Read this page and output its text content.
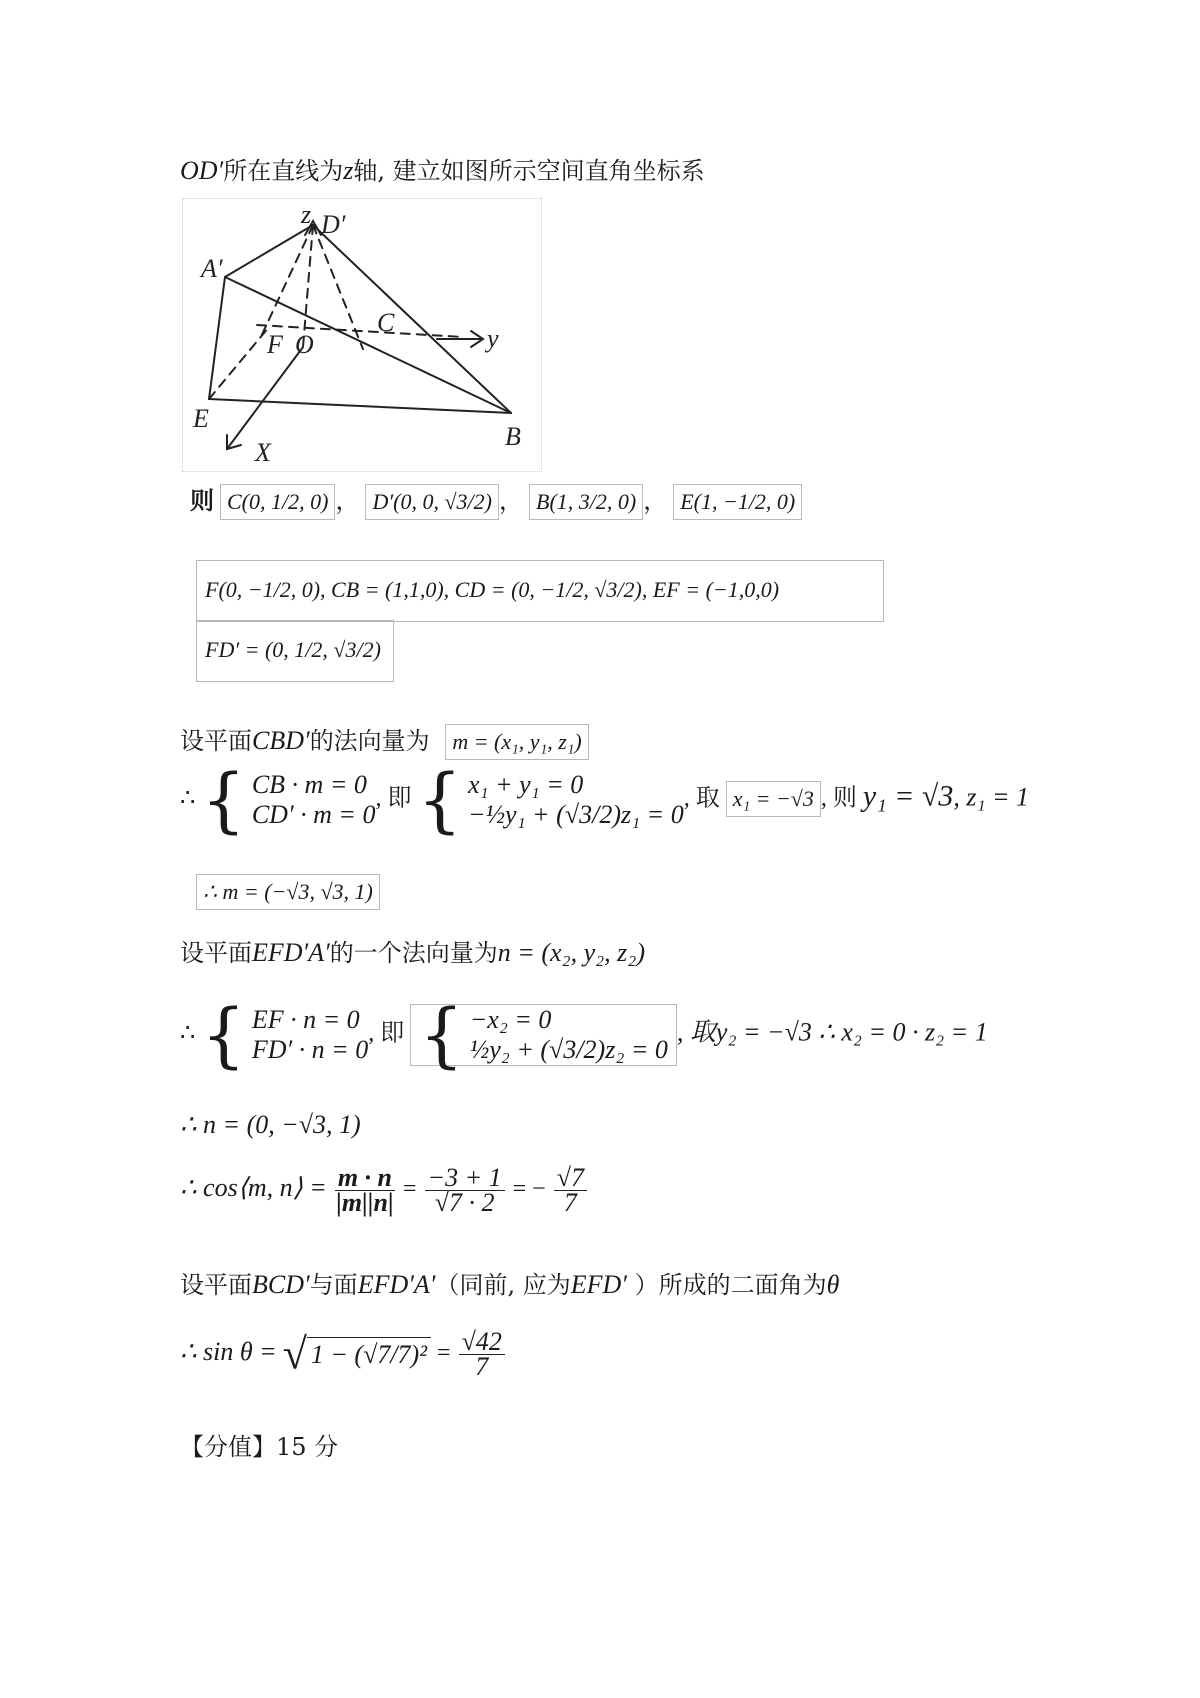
OD′所在直线为z轴, 建立如图所示空间直角坐标系
z D′
A′
F O
C
y
E
X
B
则 C(0, 1/2, 0) ， D′(0, 0, √3/2) ， B(1, 3/2, 0) ， E(1, −1/2, 0)
F(0, −1/2, 0), CB = (1,1,0), CD = (0, −1/2, √3/2), EF = (−1,0,0)
FD′ = (0, 1/2, √3/2)
设平面CBD′的法向量为 m = (x₁, y₁, z₁)
∴ { CB · m = 0
CD′ · m = 0
, 即 { x₁ + y₁ = 0
−½y₁ + (√3/2)z₁ = 0
, 取 x₁ = −√3 , 则 y₁ = √3, z₁ = 1
∴ m = (−√3, √3, 1)
设平面EFD′A′的一个法向量为n = (x₂, y₂, z₂)
∴ { EF · n = 0
FD′ · n = 0
, 即 { −x₂ = 0
½y₂ + (√3/2)z₂ = 0
, 取y₂ = −√3 ∴ x₂ = 0 · z₂ = 1
∴ n = (0, −√3, 1)
∴ cos⟨m, n⟩ = $\frac{m \cdot n}{|m||n|} = \frac{-3 + 1}{√7 \cdot 2}$ = − $\frac{√7}{7}$
设平面BCD′与面EFD′A′（同前, 应为EFD′ ）所成的二面角为θ
∴ sin θ = √ $1 - (√7/7)^2 = \frac{√42}{7}$
【分值】15 分
